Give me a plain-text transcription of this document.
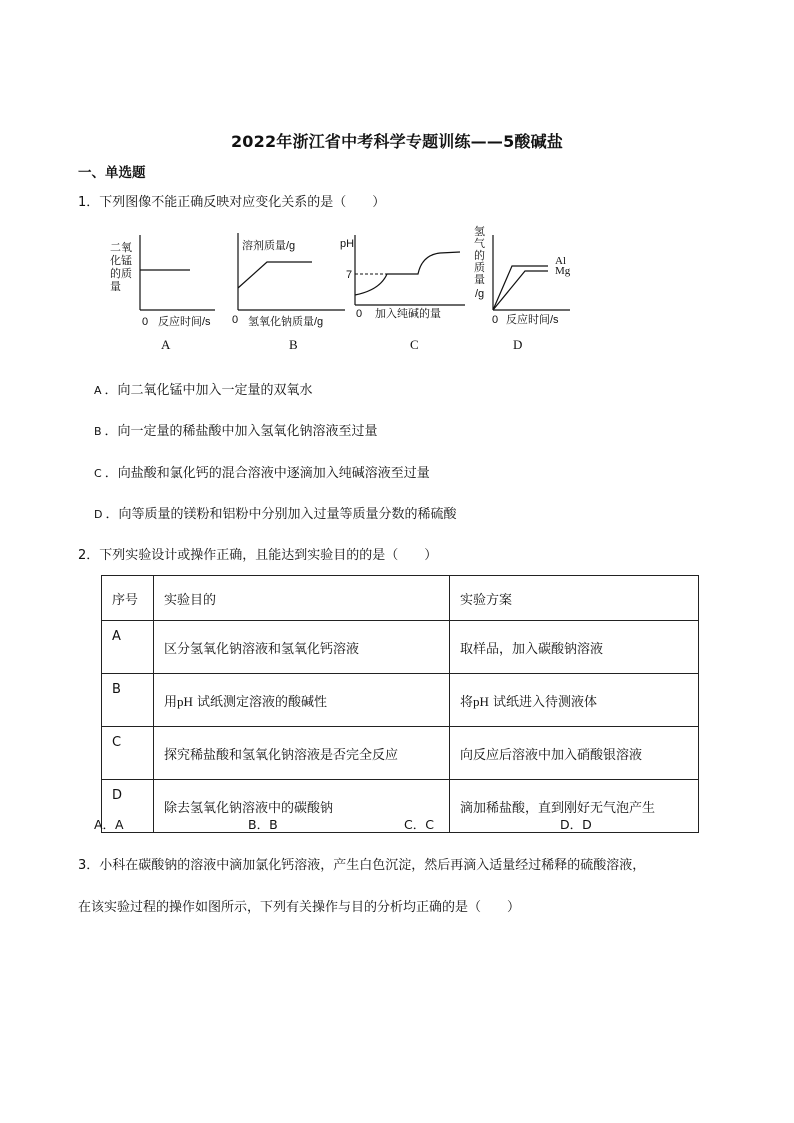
2022年浙江省中考科学专题训练——5酸碱盐
一、单选题
1．下列图像不能正确反映对应变化关系的是（　　）
二氧
化锰
的质
量
0 反应时间/s
溶剂质量/g
0 氢氧化钠质量/g
pH
7
0 加入纯碱的量
氢
气
的
质
量
/g
Al
Mg
0 反应时间/s
A	B	C	D
A ．向二氧化锰中加入一定量的双氧水
B ．向一定量的稀盐酸中加入氢氧化钠溶液至过量
C ．向盐酸和氯化钙的混合溶液中逐滴加入纯碱溶液至过量
D ．向等质量的镁粉和铝粉中分别加入过量等质量分数的稀硫酸
2．下列实验设计或操作正确，且能达到实验目的的是（　　）
序号	实验目的	实验方案
A	区分氢氧化钠溶液和氢氧化钙溶液	取样品，加入碳酸钠溶液
B	用pH 试纸测定溶液的酸碱性	将pH 试纸进入待测液体
C	探究稀盐酸和氢氧化钠溶液是否完全反应	向反应后溶液中加入硝酸银溶液
D	除去氢氧化钠溶液中的碳酸钠	滴加稀盐酸，直到刚好无气泡产生
A．A	B．B	C．C	D．D
3．小科在碳酸钠的溶液中滴加氯化钙溶液，产生白色沉淀，然后再滴入适量经过稀释的硫酸溶液，
在该实验过程的操作如图所示，下列有关操作与目的分析均正确的是（　　）
